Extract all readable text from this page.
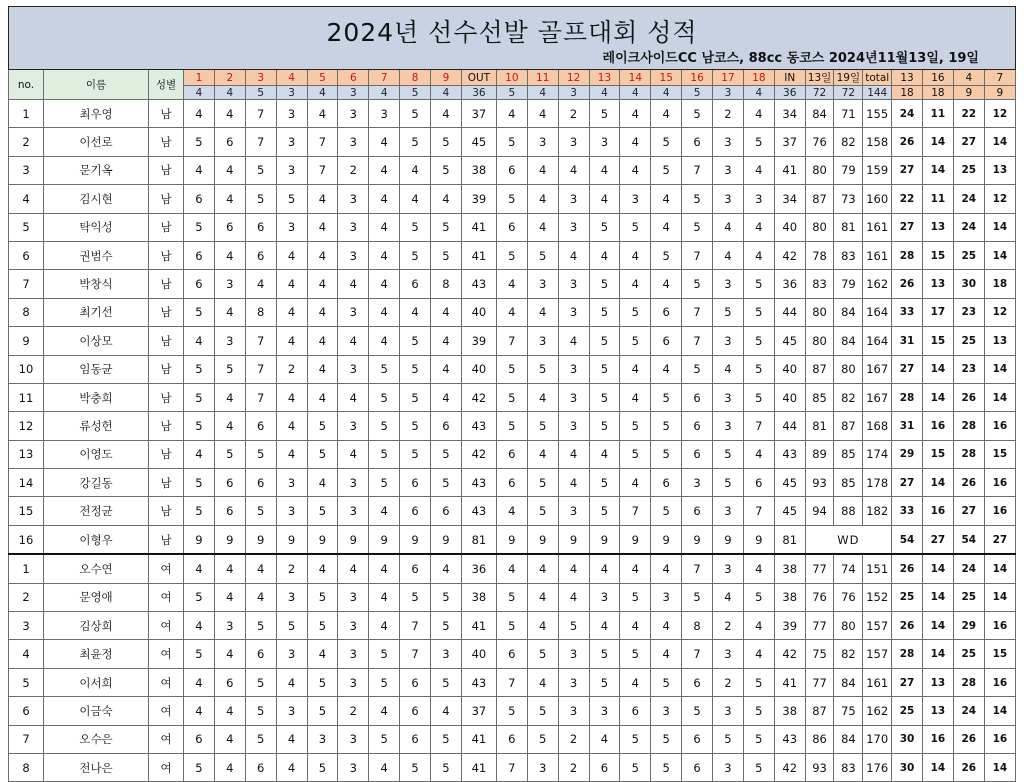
2024년 선수선발 골프대회 성적
레이크사이드CC 남코스, 88cc 동코스 2024년11월13일, 19일
no.	이름	성별	1	2	3	4	5	6	7	8	9	OUT	10	11	12	13	14	15	16	17	18	IN	13일	19일	total	13	16	4	7
			4	4	5	3	4	3	4	5	4	36	5	4	3	4	4	4	5	3	4	36	72	72	144	18	18	9	9
1	최우영	남	4	4	7	3	4	3	3	5	4	37	4	4	2	5	4	4	5	2	4	34	84	71	155	24	11	22	12
2	이선로	남	5	6	7	3	7	3	4	5	5	45	5	3	3	3	4	5	6	3	5	37	76	82	158	26	14	27	14
3	문기옥	남	4	4	5	3	7	2	4	4	5	38	6	4	4	4	4	5	7	3	4	41	80	79	159	27	14	25	13
4	김시현	남	6	4	5	5	4	3	4	4	4	39	5	4	3	4	3	4	5	3	3	34	87	73	160	22	11	24	12
5	탁익성	남	5	6	6	3	4	3	4	5	5	41	6	4	3	5	5	4	5	4	4	40	80	81	161	27	13	24	14
6	권범수	남	6	4	6	4	4	3	4	5	5	41	5	5	4	4	4	5	7	4	4	42	78	83	161	28	15	25	14
7	박창식	남	6	3	4	4	4	4	4	6	8	43	4	3	3	5	4	4	5	3	5	36	83	79	162	26	13	30	18
8	최기선	남	5	4	8	4	4	3	4	4	4	40	4	4	3	5	5	6	7	5	5	44	80	84	164	33	17	23	12
9	이상모	남	4	3	7	4	4	4	4	5	4	39	7	3	4	5	5	6	7	3	5	45	80	84	164	31	15	25	13
10	임동균	남	5	5	7	2	4	3	5	5	4	40	5	5	3	5	4	4	5	4	5	40	87	80	167	27	14	23	14
11	박충희	남	5	4	7	4	4	4	5	5	4	42	5	4	3	5	4	5	6	3	5	40	85	82	167	28	14	26	14
12	류성헌	남	5	4	6	4	5	3	5	5	6	43	5	5	3	5	5	5	6	3	7	44	81	87	168	31	16	28	16
13	이영도	남	4	5	5	4	5	4	5	5	5	42	6	4	4	4	5	5	6	5	4	43	89	85	174	29	15	28	15
14	강길동	남	5	6	6	3	4	3	5	6	5	43	6	5	4	5	4	6	3	5	6	45	93	85	178	27	14	26	16
15	전정균	남	5	6	5	3	5	3	4	6	6	43	4	5	3	5	7	5	6	3	7	45	94	88	182	33	16	27	16
16	이형우	남	9	9	9	9	9	9	9	9	9	81	9	9	9	9	9	9	9	9	9	81	WD			54	27	54	27
1	오수연	여	4	4	4	2	4	4	4	6	4	36	4	4	4	4	4	4	7	3	4	38	77	74	151	26	14	24	14
2	문영애	여	5	4	4	3	5	3	4	5	5	38	5	4	4	3	5	3	5	4	5	38	76	76	152	25	14	25	14
3	김상희	여	4	3	5	5	5	3	4	7	5	41	5	4	5	4	4	4	8	2	4	39	77	80	157	26	14	29	16
4	최윤정	여	5	4	6	3	4	3	5	7	3	40	6	5	3	5	5	4	7	3	4	42	75	82	157	28	14	25	15
5	이서희	여	4	6	5	4	5	3	5	6	5	43	7	4	3	5	4	5	6	2	5	41	77	84	161	27	13	28	16
6	이금숙	여	4	4	5	3	5	2	4	6	4	37	5	5	3	3	6	3	5	3	5	38	87	75	162	25	13	24	14
7	오수은	여	6	4	5	4	3	3	5	6	5	41	6	5	2	4	5	5	6	5	5	43	86	84	170	30	16	26	16
8	전나은	여	5	4	6	4	5	3	4	5	5	41	7	3	2	6	5	5	6	3	5	42	93	83	176	30	14	26	14
